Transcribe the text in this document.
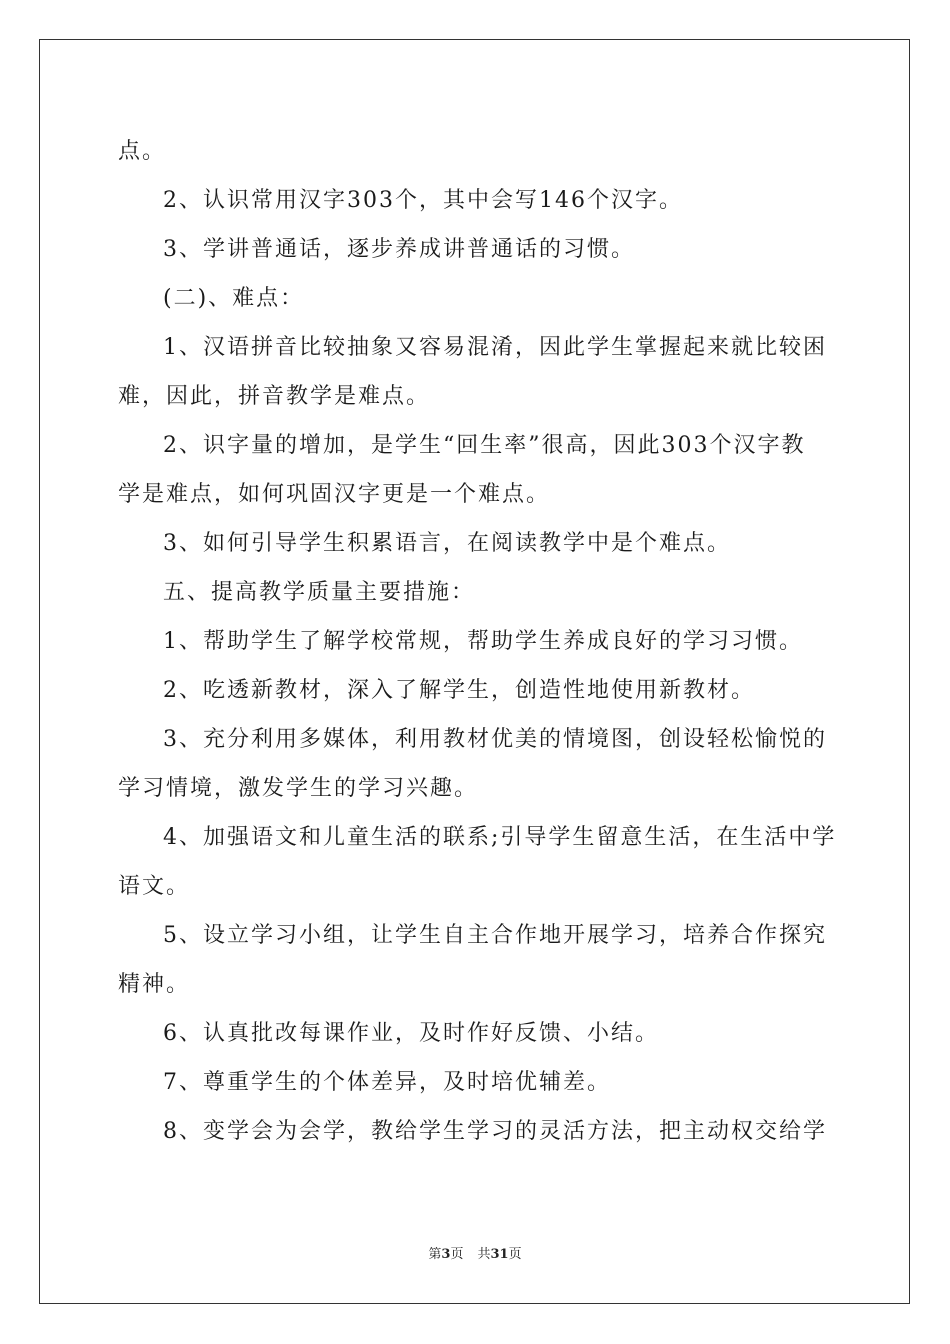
点。
2、认识常用汉字303个，其中会写146个汉字。
3、学讲普通话，逐步养成讲普通话的习惯。
(二)、难点：
1、汉语拼音比较抽象又容易混淆，因此学生掌握起来就比较困
难，因此，拼音教学是难点。
2、识字量的增加，是学生“回生率”很高，因此303个汉字教
学是难点，如何巩固汉字更是一个难点。
3、如何引导学生积累语言，在阅读教学中是个难点。
五、提高教学质量主要措施：
1、帮助学生了解学校常规，帮助学生养成良好的学习习惯。
2、吃透新教材，深入了解学生，创造性地使用新教材。
3、充分利用多媒体，利用教材优美的情境图，创设轻松愉悦的
学习情境，激发学生的学习兴趣。
4、加强语文和儿童生活的联系;引导学生留意生活，在生活中学
语文。
5、设立学习小组，让学生自主合作地开展学习，培养合作探究
精神。
6、认真批改每课作业，及时作好反馈、小结。
7、尊重学生的个体差异，及时培优辅差。
8、变学会为会学，教给学生学习的灵活方法，把主动权交给学
第3页 共31页
